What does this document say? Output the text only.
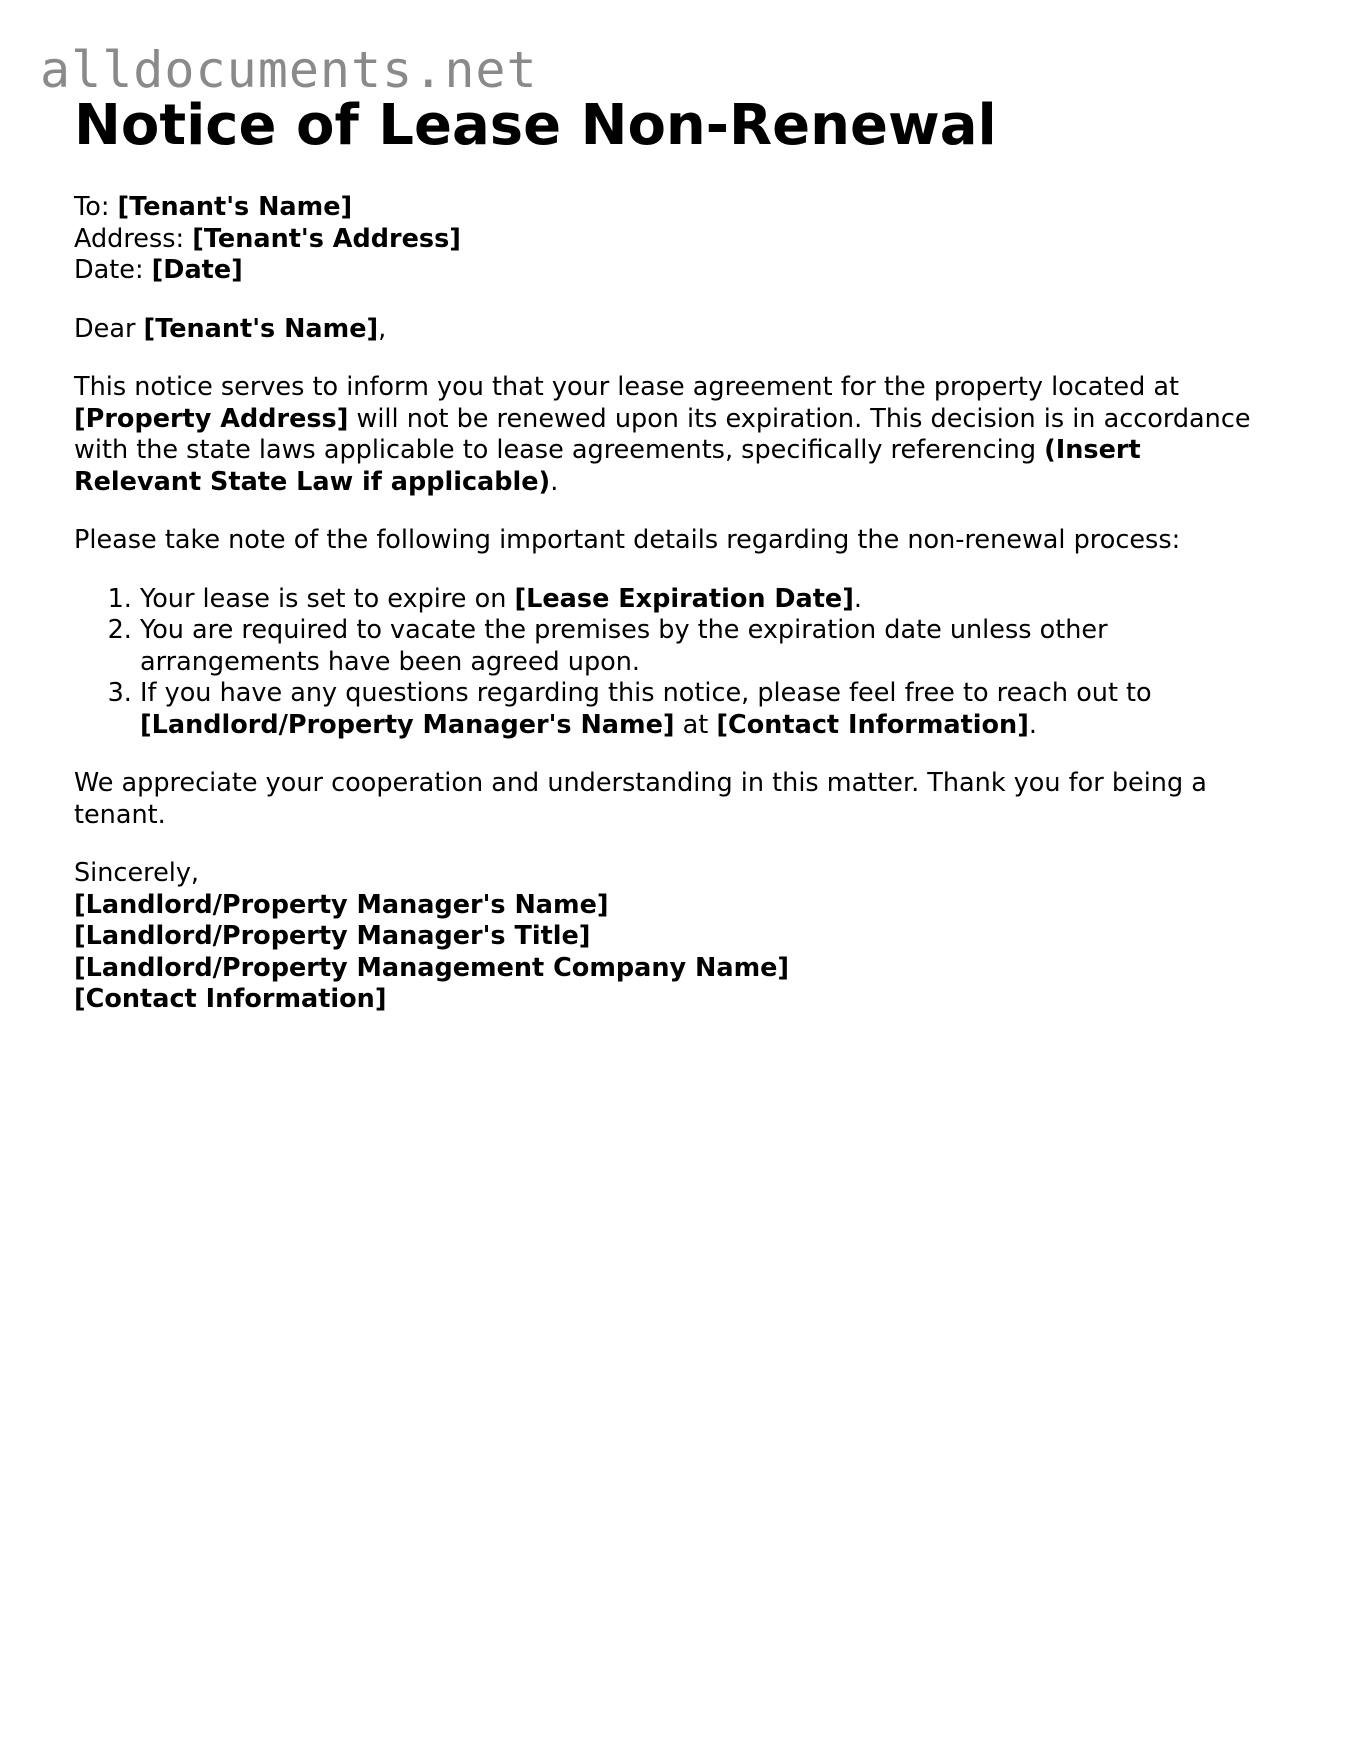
alldocuments.net
Notice of Lease Non-Renewal
To: [Tenant's Name]
Address: [Tenant's Address]
Date: [Date]

Dear [Tenant's Name],

This notice serves to inform you that your lease agreement for the property located at [Property Address] will not be renewed upon its expiration. This decision is in accordance with the state laws applicable to lease agreements, specifically referencing (Insert Relevant State Law if applicable).

Please take note of the following important details regarding the non-renewal process:

1. Your lease is set to expire on [Lease Expiration Date].
2. You are required to vacate the premises by the expiration date unless other arrangements have been agreed upon.
3. If you have any questions regarding this notice, please feel free to reach out to [Landlord/Property Manager's Name] at [Contact Information].

We appreciate your cooperation and understanding in this matter. Thank you for being a tenant.

Sincerely,
[Landlord/Property Manager's Name]
[Landlord/Property Manager's Title]
[Landlord/Property Management Company Name]
[Contact Information]
